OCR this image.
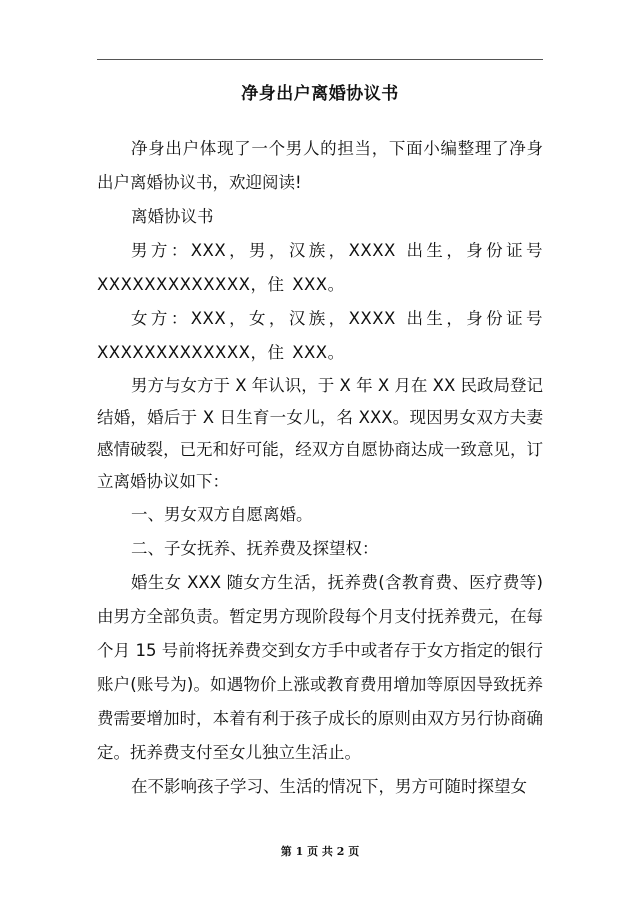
净身出户离婚协议书

净身出户体现了一个男人的担当，下面小编整理了净身出户离婚协议书，欢迎阅读!

离婚协议书

男方：XXX，男，汉族，XXXX 出生，身份证号 XXXXXXXXXXXXX，住 XXX。

女方：XXX，女，汉族，XXXX 出生，身份证号 XXXXXXXXXXXXX，住 XXX。

男方与女方于 X 年认识，于 X 年 X 月在 XX 民政局登记结婚，婚后于 X 日生育一女儿，名 XXX。现因男女双方夫妻感情破裂，已无和好可能，经双方自愿协商达成一致意见，订立离婚协议如下：

一、男女双方自愿离婚。

二、子女抚养、抚养费及探望权：

婚生女 XXX 随女方生活，抚养费(含教育费、医疗费等)由男方全部负责。暂定男方现阶段每个月支付抚养费元，在每个月 15 号前将抚养费交到女方手中或者存于女方指定的银行账户(账号为)。如遇物价上涨或教育费用增加等原因导致抚养费需要增加时，本着有利于孩子成长的原则由双方另行协商确定。抚养费支付至女儿独立生活止。

在不影响孩子学习、生活的情况下，男方可随时探望女

第 1 页 共 2 页
